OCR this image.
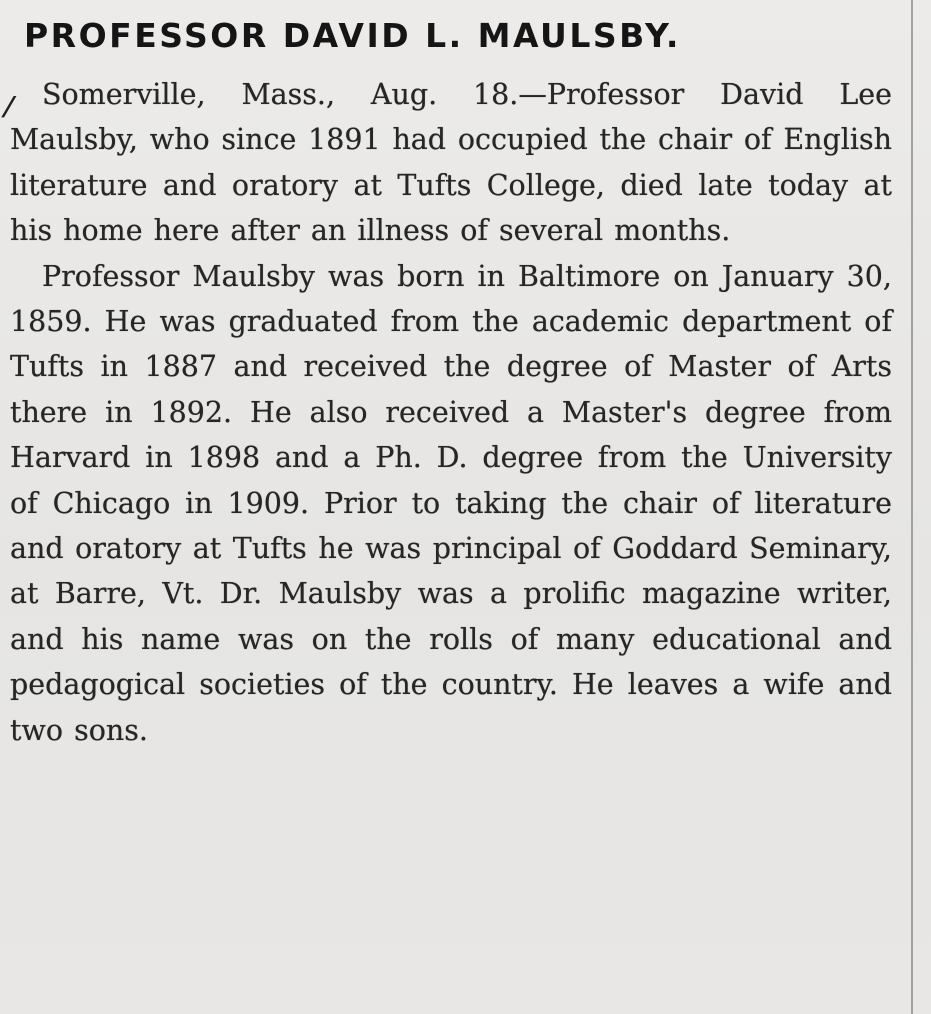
PROFESSOR DAVID L. MAULSBY.
/ Somerville, Mass., Aug. 18.—Professor David Lee Maulsby, who since 1891 had occupied the chair of English literature and oratory at Tufts College, died late today at his home here after an illness of several months.

Professor Maulsby was born in Baltimore on January 30, 1859. He was graduated from the academic department of Tufts in 1887 and received the degree of Master of Arts there in 1892. He also received a Master's degree from Harvard in 1898 and a Ph. D. degree from the University of Chicago in 1909. Prior to taking the chair of literature and oratory at Tufts he was principal of Goddard Seminary, at Barre, Vt. Dr. Maulsby was a prolific magazine writer, and his name was on the rolls of many educational and pedagogical societies of the country. He leaves a wife and two sons.
